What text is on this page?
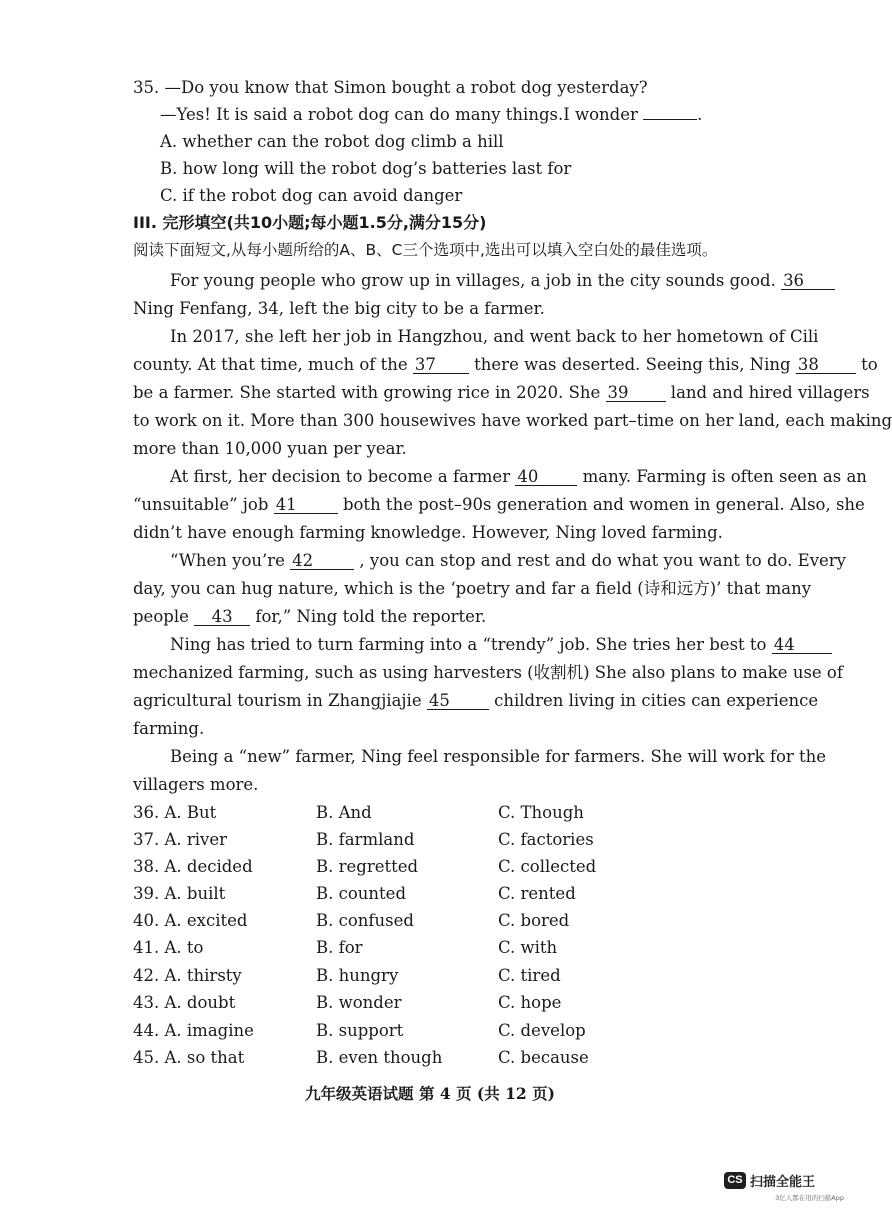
35. —Do you know that Simon bought a robot dog yesterday?
—Yes! It is said a robot dog can do many things.I wonder	.
A. whether can the robot dog climb a hill
B. how long will the robot dog’s batteries last for
C. if the robot dog can avoid danger
III. 完形填空(共10小题;每小题1.5分,满分15分)
阅读下面短文,从每小题所给的A、B、C三个选项中,选出可以填入空白处的最佳选项。
For young people who grow up in villages, a job in the city sounds good. 36
Ning Fenfang, 34, left the big city to be a farmer.
In 2017, she left her job in Hangzhou, and went back to her hometown of Cili
county. At that time, much of the 37 there was deserted. Seeing this, Ning 38	to
be a farmer. She started with growing rice in 2020. She 39	land and hired villagers
to work on it. More than 300 housewives have worked part–time on her land, each making
more than 10,000 yuan per year.
At first, her decision to become a farmer 40	many. Farming is often seen as an
“unsuitable” job 41	both the post–90s generation and women in general. Also, she
didn’t have enough farming knowledge. However, Ning loved farming.
“When you’re 42	, you can stop and rest and do what you want to do. Every
day, you can hug nature, which is the ‘poetry and far a field (诗和远方)’ that many
people 43 for,” Ning told the reporter.
Ning has tried to turn farming into a “trendy” job. She tries her best to 44
mechanized farming, such as using harvesters (收割机) She also plans to make use of
agricultural tourism in Zhangjiajie 45	children living in cities can experience
farming.
Being a “new” farmer, Ning feel responsible for farmers. She will work for the
villagers more.
36. A. But	B. And	C. Though
37. A. river	B. farmland	C. factories
38. A. decided	B. regretted	C. collected
39. A. built	B. counted	C. rented
40. A. excited	B. confused	C. bored
41. A. to	B. for	C. with
42. A. thirsty	B. hungry	C. tired
43. A. doubt	B. wonder	C. hope
44. A. imagine	B. support	C. develop
45. A. so that	B. even though	C. because
九年级英语试题 第 4 页 (共 12 页)
CS 扫描全能王
3亿人都在用的扫描App
